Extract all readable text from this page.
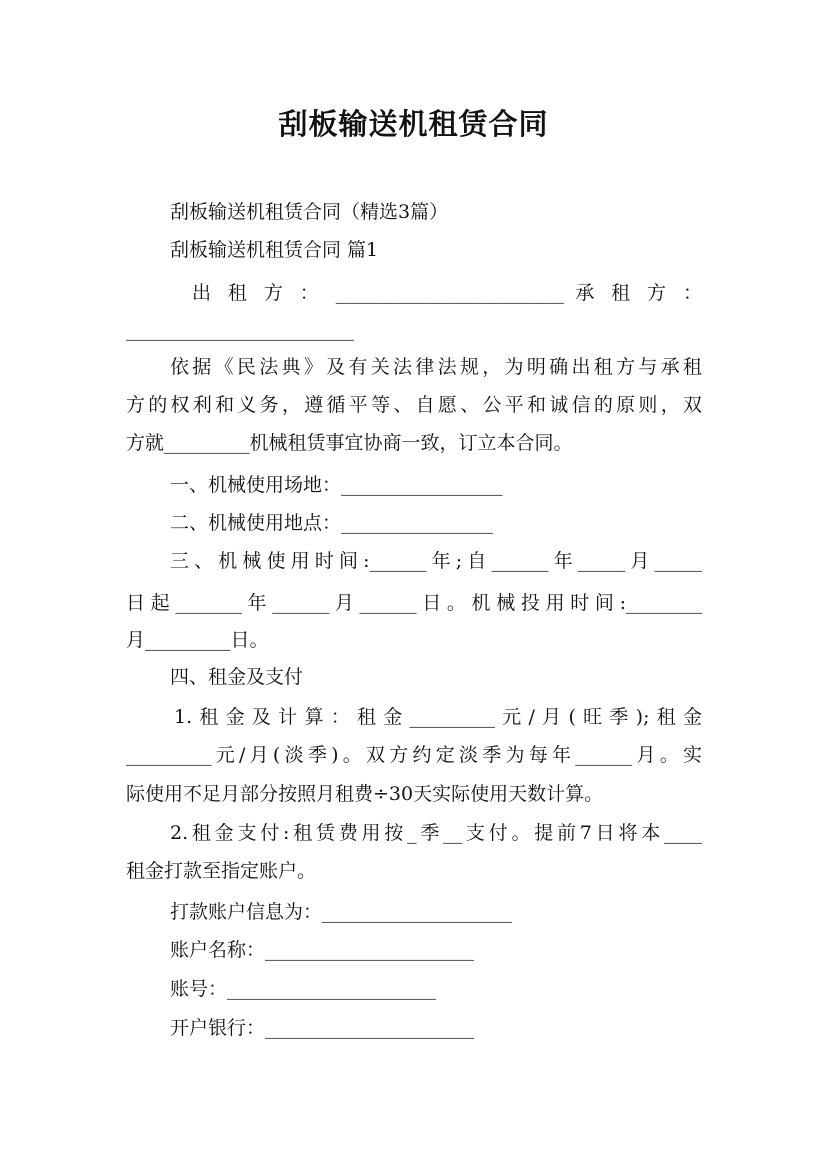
刮板输送机租赁合同
刮板输送机租赁合同（精选3篇）
刮板输送机租赁合同 篇1
出 租 方 ： ________________________ 承 租 方 ：
________________________
依据《民法典》及有关法律法规，为明确出租方与承租
方的权利和义务，遵循平等、自愿、公平和诚信的原则，双
方就_________机械租赁事宜协商一致，订立本合同。
一、机械使用场地：_________________
二、机械使用地点：________________
三、机械使用时间:______年;自______年_____月_____
日起_______年______月______日。机械投用时间:________
月_________日。
四、租金及支付
1.租金及计算：租金_________元/月(旺季);租金
_________元/月(淡季)。双方约定淡季为每年______月。实
际使用不足月部分按照月租费÷30天实际使用天数计算。
2.租金支付:租赁费用按_季__支付。提前7日将本____
租金打款至指定账户。
打款账户信息为：____________________
账户名称：______________________
账号：______________________
开户银行：______________________
